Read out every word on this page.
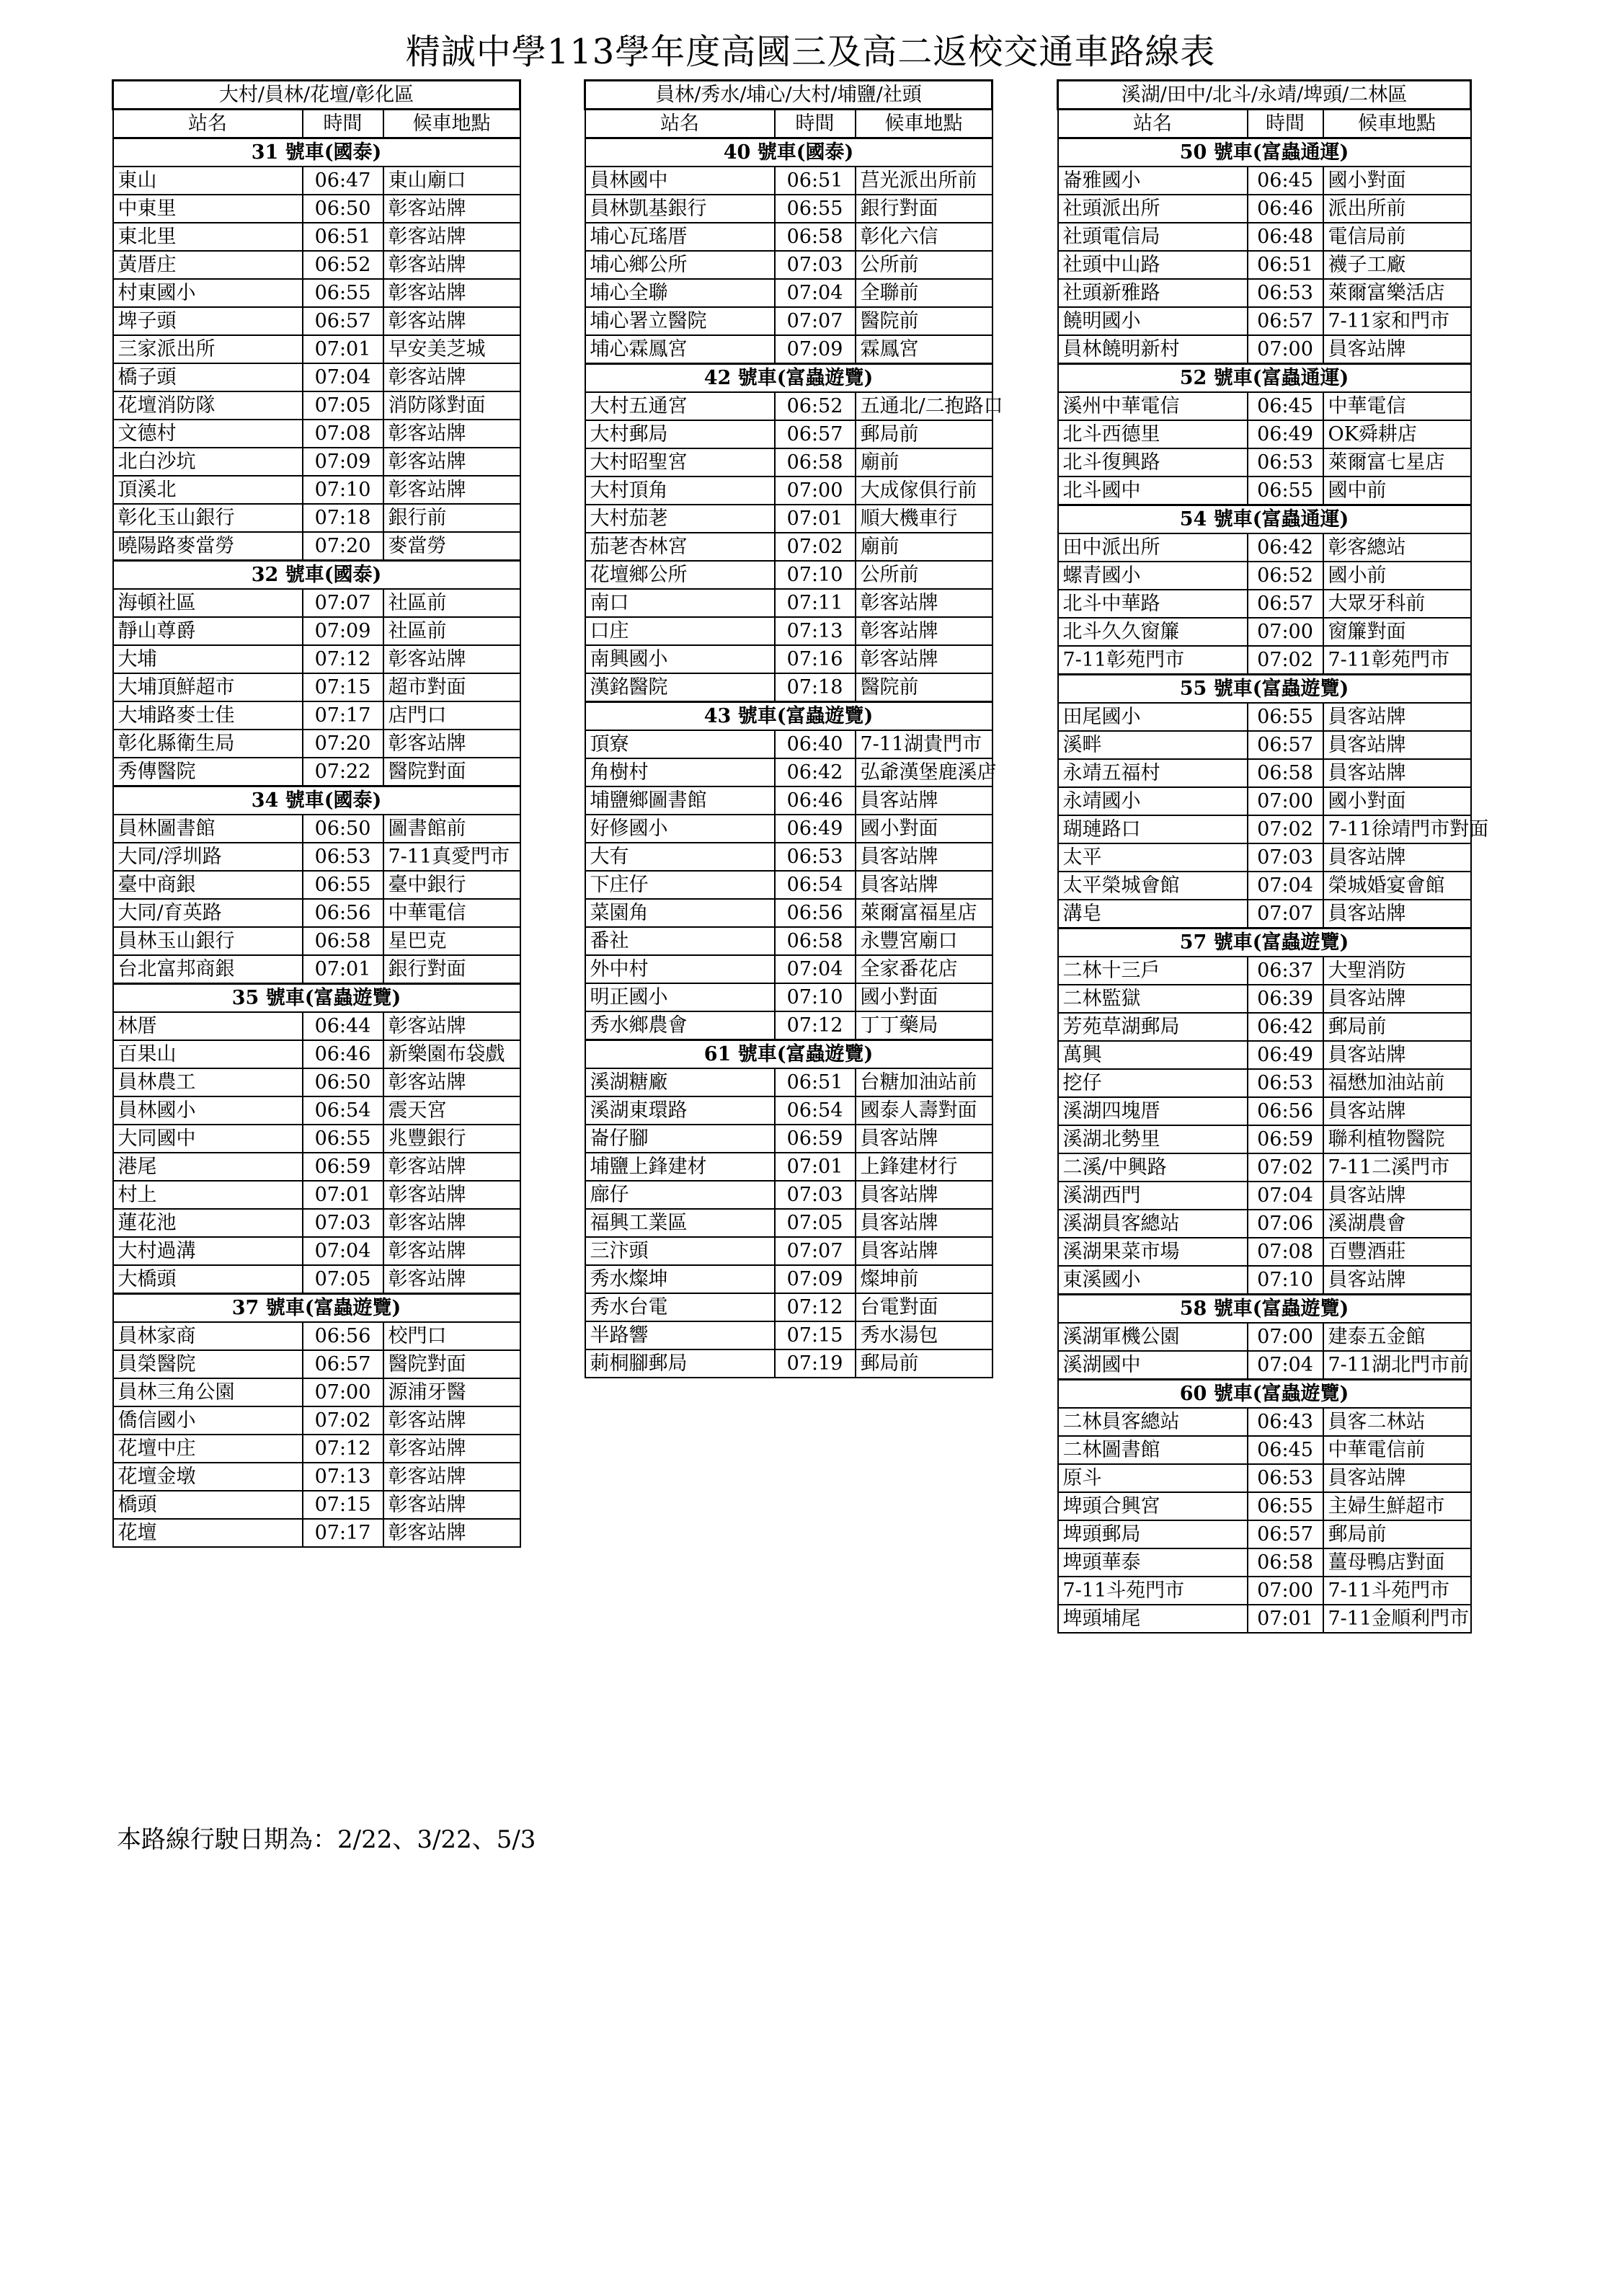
精誠中學113學年度高國三及高二返校交通車路線表
大村/員林/花壇/彰化區		
站名	時間	候車地點
31 號車(國泰)		
東山	06:47	東山廟口
中東里	06:50	彰客站牌
東北里	06:51	彰客站牌
黃厝庄	06:52	彰客站牌
村東國小	06:55	彰客站牌
埤子頭	06:57	彰客站牌
三家派出所	07:01	早安美芝城
橋子頭	07:04	彰客站牌
花壇消防隊	07:05	消防隊對面
文德村	07:08	彰客站牌
北白沙坑	07:09	彰客站牌
頂溪北	07:10	彰客站牌
彰化玉山銀行	07:18	銀行前
曉陽路麥當勞	07:20	麥當勞
32 號車(國泰)		
海頓社區	07:07	社區前
靜山尊爵	07:09	社區前
大埔	07:12	彰客站牌
大埔頂鮮超市	07:15	超市對面
大埔路麥士佳	07:17	店門口
彰化縣衛生局	07:20	彰客站牌
秀傳醫院	07:22	醫院對面
34 號車(國泰)		
員林圖書館	06:50	圖書館前
大同/浮圳路	06:53	7-11真愛門市
臺中商銀	06:55	臺中銀行
大同/育英路	06:56	中華電信
員林玉山銀行	06:58	星巴克
台北富邦商銀	07:01	銀行對面
35 號車(富蟲遊覽)		
林厝	06:44	彰客站牌
百果山	06:46	新樂園布袋戲
員林農工	06:50	彰客站牌
員林國小	06:54	震天宮
大同國中	06:55	兆豐銀行
港尾	06:59	彰客站牌
村上	07:01	彰客站牌
蓮花池	07:03	彰客站牌
大村過溝	07:04	彰客站牌
大橋頭	07:05	彰客站牌
37 號車(富蟲遊覽)		
員林家商	06:56	校門口
員榮醫院	06:57	醫院對面
員林三角公園	07:00	源浦牙醫
僑信國小	07:02	彰客站牌
花壇中庄	07:12	彰客站牌
花壇金墩	07:13	彰客站牌
橋頭	07:15	彰客站牌
花壇	07:17	彰客站牌
員林/秀水/埔心/大村/埔鹽/社頭		
站名	時間	候車地點
40 號車(國泰)		
員林國中	06:51	莒光派出所前
員林凱基銀行	06:55	銀行對面
埔心瓦瑤厝	06:58	彰化六信
埔心鄉公所	07:03	公所前
埔心全聯	07:04	全聯前
埔心署立醫院	07:07	醫院前
埔心霖鳳宮	07:09	霖鳳宮
42 號車(富蟲遊覽)		
大村五通宮	06:52	五通北/二抱路口
大村郵局	06:57	郵局前
大村昭聖宮	06:58	廟前
大村頂角	07:00	大成傢俱行前
大村茄荖	07:01	順大機車行
茄荖杏林宮	07:02	廟前
花壇鄉公所	07:10	公所前
南口	07:11	彰客站牌
口庄	07:13	彰客站牌
南興國小	07:16	彰客站牌
漢銘醫院	07:18	醫院前
43 號車(富蟲遊覽)		
頂寮	06:40	7-11湖貴門市
角樹村	06:42	弘爺漢堡鹿溪店
埔鹽鄉圖書館	06:46	員客站牌
好修國小	06:49	國小對面
大有	06:53	員客站牌
下庄仔	06:54	員客站牌
菜園角	06:56	萊爾富福星店
番社	06:58	永豐宮廟口
外中村	07:04	全家番花店
明正國小	07:10	國小對面
秀水鄉農會	07:12	丁丁藥局
61 號車(富蟲遊覽)		
溪湖糖廠	06:51	台糖加油站前
溪湖東環路	06:54	國泰人壽對面
崙仔腳	06:59	員客站牌
埔鹽上鋒建材	07:01	上鋒建材行
廍仔	07:03	員客站牌
福興工業區	07:05	員客站牌
三汴頭	07:07	員客站牌
秀水燦坤	07:09	燦坤前
秀水台電	07:12	台電對面
半路響	07:15	秀水湯包
莿桐腳郵局	07:19	郵局前
溪湖/田中/北斗/永靖/埤頭/二林區		
站名	時間	候車地點
50 號車(富蟲通運)		
崙雅國小	06:45	國小對面
社頭派出所	06:46	派出所前
社頭電信局	06:48	電信局前
社頭中山路	06:51	襪子工廠
社頭新雅路	06:53	萊爾富樂活店
饒明國小	06:57	7-11家和門市
員林饒明新村	07:00	員客站牌
52 號車(富蟲通運)		
溪州中華電信	06:45	中華電信
北斗西德里	06:49	OK舜耕店
北斗復興路	06:53	萊爾富七星店
北斗國中	06:55	國中前
54 號車(富蟲通運)		
田中派出所	06:42	彰客總站
螺青國小	06:52	國小前
北斗中華路	06:57	大眾牙科前
北斗久久窗簾	07:00	窗簾對面
7-11彰苑門市	07:02	7-11彰苑門市
55 號車(富蟲遊覽)		
田尾國小	06:55	員客站牌
溪畔	06:57	員客站牌
永靖五福村	06:58	員客站牌
永靖國小	07:00	國小對面
瑚璉路口	07:02	7-11徐靖門市對面
太平	07:03	員客站牌
太平榮城會館	07:04	榮城婚宴會館
溝皂	07:07	員客站牌
57 號車(富蟲遊覽)		
二林十三戶	06:37	大聖消防
二林監獄	06:39	員客站牌
芳苑草湖郵局	06:42	郵局前
萬興	06:49	員客站牌
挖仔	06:53	福懋加油站前
溪湖四塊厝	06:56	員客站牌
溪湖北勢里	06:59	聯利植物醫院
二溪/中興路	07:02	7-11二溪門市
溪湖西門	07:04	員客站牌
溪湖員客總站	07:06	溪湖農會
溪湖果菜市場	07:08	百豐酒莊
東溪國小	07:10	員客站牌
58 號車(富蟲遊覽)		
溪湖軍機公園	07:00	建泰五金館
溪湖國中	07:04	7-11湖北門市前
60 號車(富蟲遊覽)		
二林員客總站	06:43	員客二林站
二林圖書館	06:45	中華電信前
原斗	06:53	員客站牌
埤頭合興宮	06:55	主婦生鮮超市
埤頭郵局	06:57	郵局前
埤頭華泰	06:58	薑母鴨店對面
7-11斗苑門市	07:00	7-11斗苑門市
埤頭埔尾	07:01	7-11金順利門市
本路線行駛日期為：2/22、3/22、5/3
